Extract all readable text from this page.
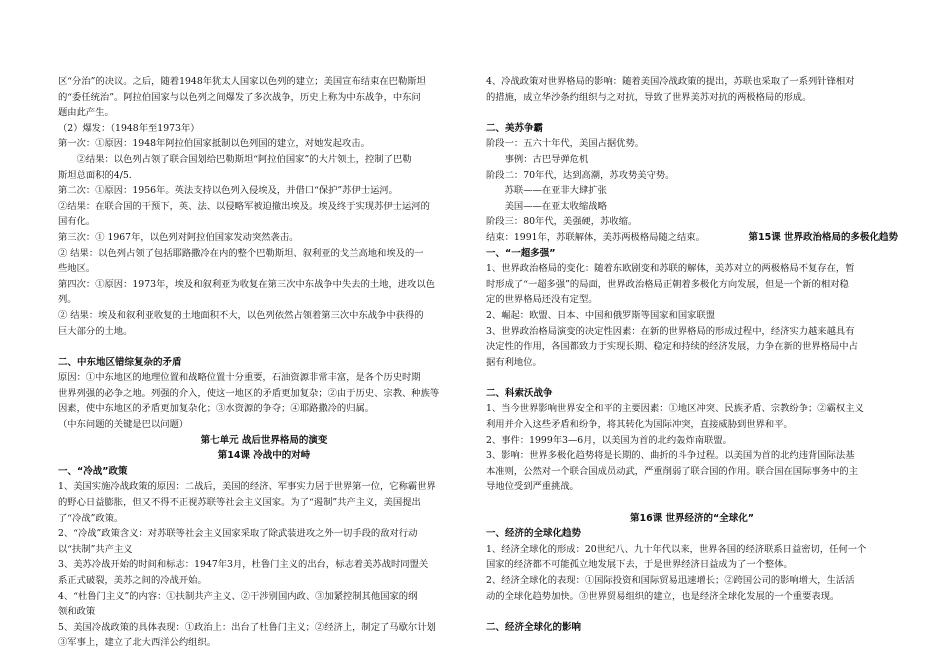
区“分治”的决议。之后，随着1948年犹太人国家以色列的建立；美国宣布结束在巴勒斯坦

的“委任统治”。阿拉伯国家与以色列之间爆发了多次战争，历史上称为中东战争，中东问

题由此产生。

（2）爆发：（1948年至1973年）

第一次：①原因：1948年阿拉伯国家抵制以色列国的建立，对她发起攻击。

　　②结果：以色列占领了联合国划给巴勒斯坦“阿拉伯国家”的大片领土，控制了巴勒

斯坦总面积的4/5.

第二次：①原因：1956年。英法支持以色列入侵埃及，并借口“保护”苏伊士运河。

②结果：在联合国的干预下，英、法、以侵略军被迫撤出埃及。埃及终于实现苏伊士运河的

国有化。

第三次：① 1967年，以色列对阿拉伯国家发动突然袭击。

② 结果：以色列占领了包括耶路撒冷在内的整个巴勒斯坦、叙利亚的戈兰高地和埃及的一

些地区。

第四次：①原因：1973年，埃及和叙利亚为收复在第三次中东战争中失去的土地，进攻以色

列。

② 结果：埃及和叙利亚收复的土地面积不大，以色列依然占领着第三次中东战争中获得的

巨大部分的土地。

二、中东地区错综复杂的矛盾

原因：①中东地区的地理位置和战略位置十分重要，石油资源非常丰富，是各个历史时期

世界列强的必争之地。列强的介入，使这一地区的矛盾更加复杂；②由于历史、宗教、种族等

因素，使中东地区的矛盾更加复杂化；③水资源的争夺；④耶路撒冷的归属。

（中东问题的关键是巴以问题）

第七单元 战后世界格局的演变

第14课 冷战中的对峙

一、“冷战”政策

1、美国实施冷战政策的原因：二战后，美国的经济、军事实力居于世界第一位，它称霸世界

的野心日益膨胀，但又不得不正视苏联等社会主义国家。为了“遏制”共产主义，美国提出

了“冷战”政策。

2、“冷战”政策含义：对苏联等社会主义国家采取了除武装进攻之外一切手段的敌对行动

以“扶制”共产主义

3、美苏冷战开始的时间和标志：1947年3月，杜鲁门主义的出台，标志着美苏战时同盟关

系正式破裂，美苏之间的冷战开始。

4、“杜鲁门主义”的内容：①扶制共产主义、②干涉别国内政、③加紧控制其他国家的纲

领和政策

5、美国冷战政策的具体表现：①政治上：出台了杜鲁门主义；②经济上，制定了马歇尔计划

③军事上，建立了北大西洋公约组织。

4、冷战政策对世界格局的影响：随着美国冷战政策的提出，苏联也采取了一系列针锋相对

的措施，成立华沙条约组织与之对抗，导致了世界美苏对抗的两极格局的形成。

二、美苏争霸

阶段一：五六十年代，美国占据优势。

　　事例：古巴导弹危机

阶段二：70年代，达到高潮，苏攻势美守势。

　　苏联——在亚非大肆扩张

　　美国——在亚太收缩战略

阶段三：80年代，美强硬，苏收缩。

结束：1991年，苏联解体，美苏两极格局随之结束。	第15课 世界政治格局的多极化趋势

一、“一超多强”

1、世界政治格局的变化：随着东欧剧变和苏联的解体，美苏对立的两极格局不复存在，暂

时形成了“一超多强”的局面，世界政治格局正朝着多极化方向发展，但是一个新的相对稳

定的世界格局还没有定型。

2、崛起：欧盟、日本、中国和俄罗斯等国家和国家联盟

3、世界政治格局演变的决定性因素：在新的世界格局的形成过程中，经济实力越来越具有

决定性的作用，各国都致力于实现长期、稳定和持续的经济发展，力争在新的世界格局中占

据有利地位。

二、科索沃战争

1、当今世界影响世界安全和平的主要因素：①地区冲突、民族矛盾、宗教纷争；②霸权主义

利用并介入这些矛盾和纷争，将其转化为国际冲突，直接威胁到世界和平。

2、事件：1999年3—6月，以美国为首的北约轰炸南联盟。

3、影响：世界多极化趋势将是长期的、曲折的斗争过程。以美国为首的北约违背国际法基

本准则，公然对一个联合国成员动武，严重削弱了联合国的作用。联合国在国际事务中的主

导地位受到严重挑战。

第16课 世界经济的“全球化”

一、经济的全球化趋势

1、经济全球化的形成：20世纪八、九十年代以来，世界各国的经济联系日益密切，任何一个

国家的经济都不可能孤立地发展下去，于是世界经济日益成为了一个整体。

2、经济全球化的表现：①国际投资和国际贸易迅速增长；②跨国公司的影响增大，生活活

动的全球化趋势加快。③世界贸易组织的建立，也是经济全球化发展的一个重要表现。

二、经济全球化的影响
